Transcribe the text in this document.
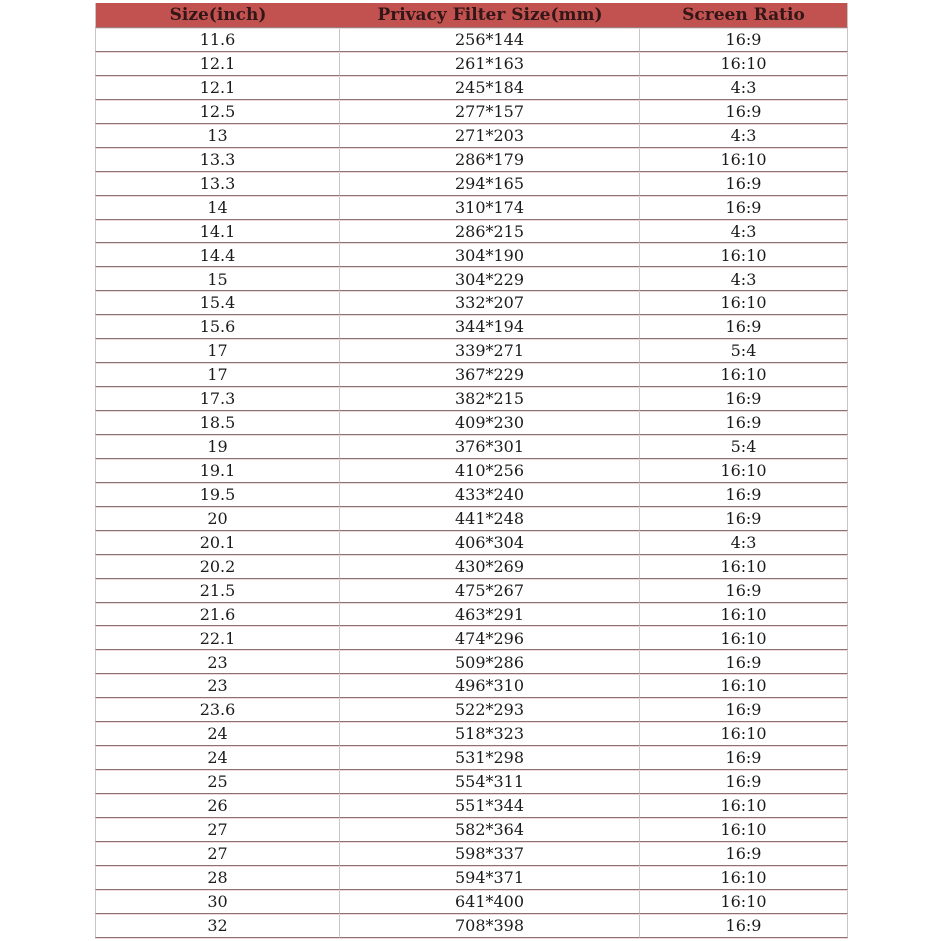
Size(inch)	Privacy Filter Size(mm)	Screen Ratio
11.6	256*144	16:9
12.1	261*163	16:10
12.1	245*184	4:3
12.5	277*157	16:9
13	271*203	4:3
13.3	286*179	16:10
13.3	294*165	16:9
14	310*174	16:9
14.1	286*215	4:3
14.4	304*190	16:10
15	304*229	4:3
15.4	332*207	16:10
15.6	344*194	16:9
17	339*271	5:4
17	367*229	16:10
17.3	382*215	16:9
18.5	409*230	16:9
19	376*301	5:4
19.1	410*256	16:10
19.5	433*240	16:9
20	441*248	16:9
20.1	406*304	4:3
20.2	430*269	16:10
21.5	475*267	16:9
21.6	463*291	16:10
22.1	474*296	16:10
23	509*286	16:9
23	496*310	16:10
23.6	522*293	16:9
24	518*323	16:10
24	531*298	16:9
25	554*311	16:9
26	551*344	16:10
27	582*364	16:10
27	598*337	16:9
28	594*371	16:10
30	641*400	16:10
32	708*398	16:9
